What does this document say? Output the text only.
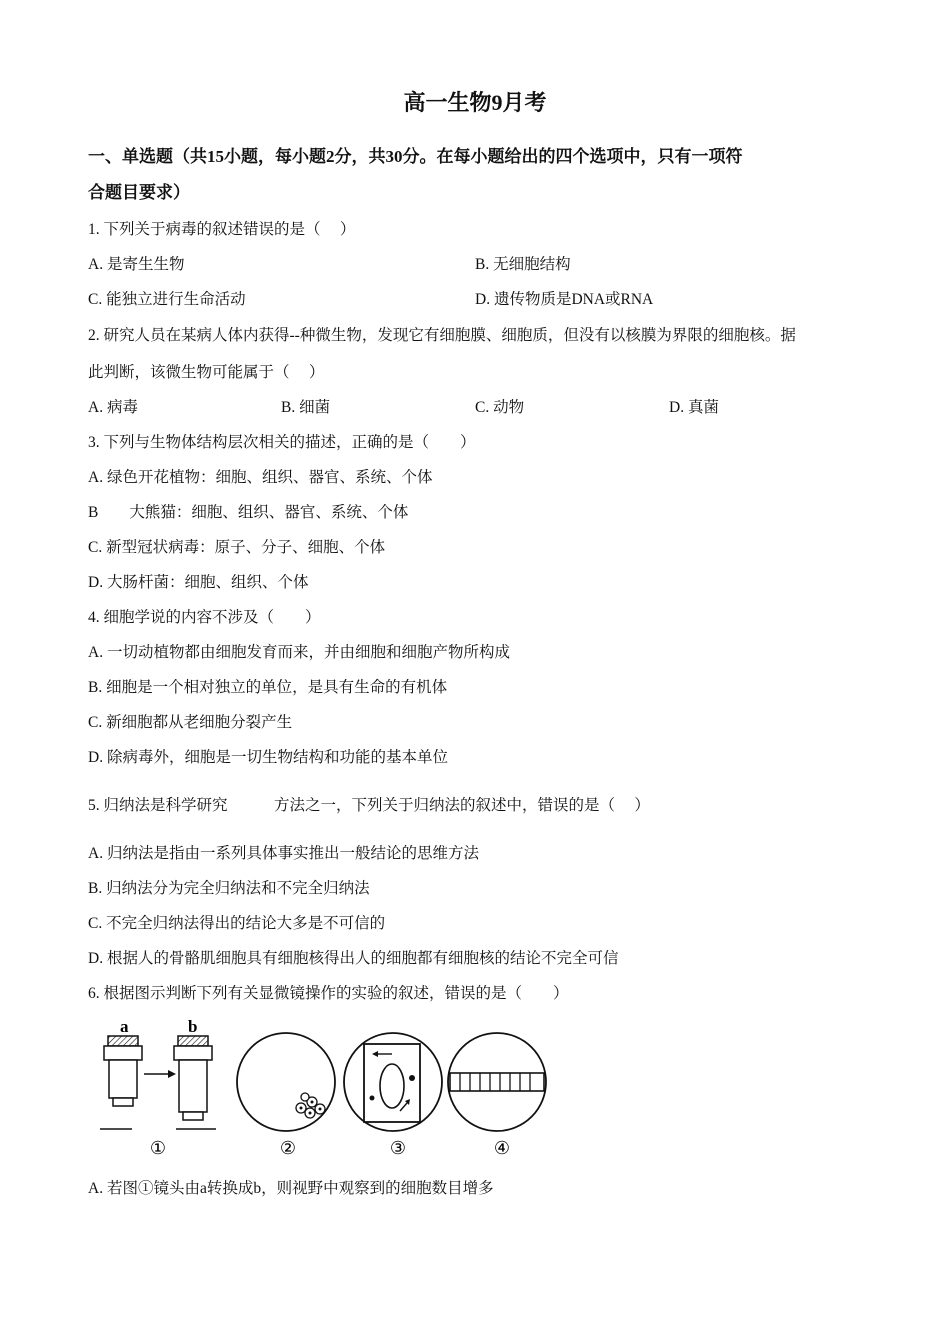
高一生物9月考
一、单选题（共15小题，每小题2分，共30分。在每小题给出的四个选项中，只有一项符
合题目要求）
1. 下列关于病毒的叙述错误的是（　 ）
A. 是寄生生物	B. 无细胞结构
C. 能独立进行生命活动	D. 遗传物质是DNA或RNA
2. 研究人员在某病人体内获得--种微生物，发现它有细胞膜、细胞质，但没有以核膜为界限的细胞核。据
此判断，该微生物可能属于（　 ）
A. 病毒	B. 细菌	C. 动物	D. 真菌
3. 下列与生物体结构层次相关的描述，正确的是（　　）
A. 绿色开花植物：细胞、组织、器官、系统、个体
B　　大熊猫：细胞、组织、器官、系统、个体
C. 新型冠状病毒：原子、分子、细胞、个体
D. 大肠杆菌：细胞、组织、个体
4. 细胞学说的内容不涉及（　　）
A. 一切动植物都由细胞发育而来，并由细胞和细胞产物所构成
B. 细胞是一个相对独立的单位，是具有生命的有机体
C. 新细胞都从老细胞分裂产生
D. 除病毒外，细胞是一切生物结构和功能的基本单位
5. 归纳法是科学研究　　　方法之一，下列关于归纳法的叙述中，错误的是（　 ）
A. 归纳法是指由一系列具体事实推出一般结论的思维方法
B. 归纳法分为完全归纳法和不完全归纳法
C. 不完全归纳法得出的结论大多是不可信的
D. 根据人的骨骼肌细胞具有细胞核得出人的细胞都有细胞核的结论不完全可信
6. 根据图示判断下列有关显微镜操作的实验的叙述，错误的是（　　）
a	b
①	②	③	④
A. 若图①镜头由a转换成b，则视野中观察到的细胞数目增多
